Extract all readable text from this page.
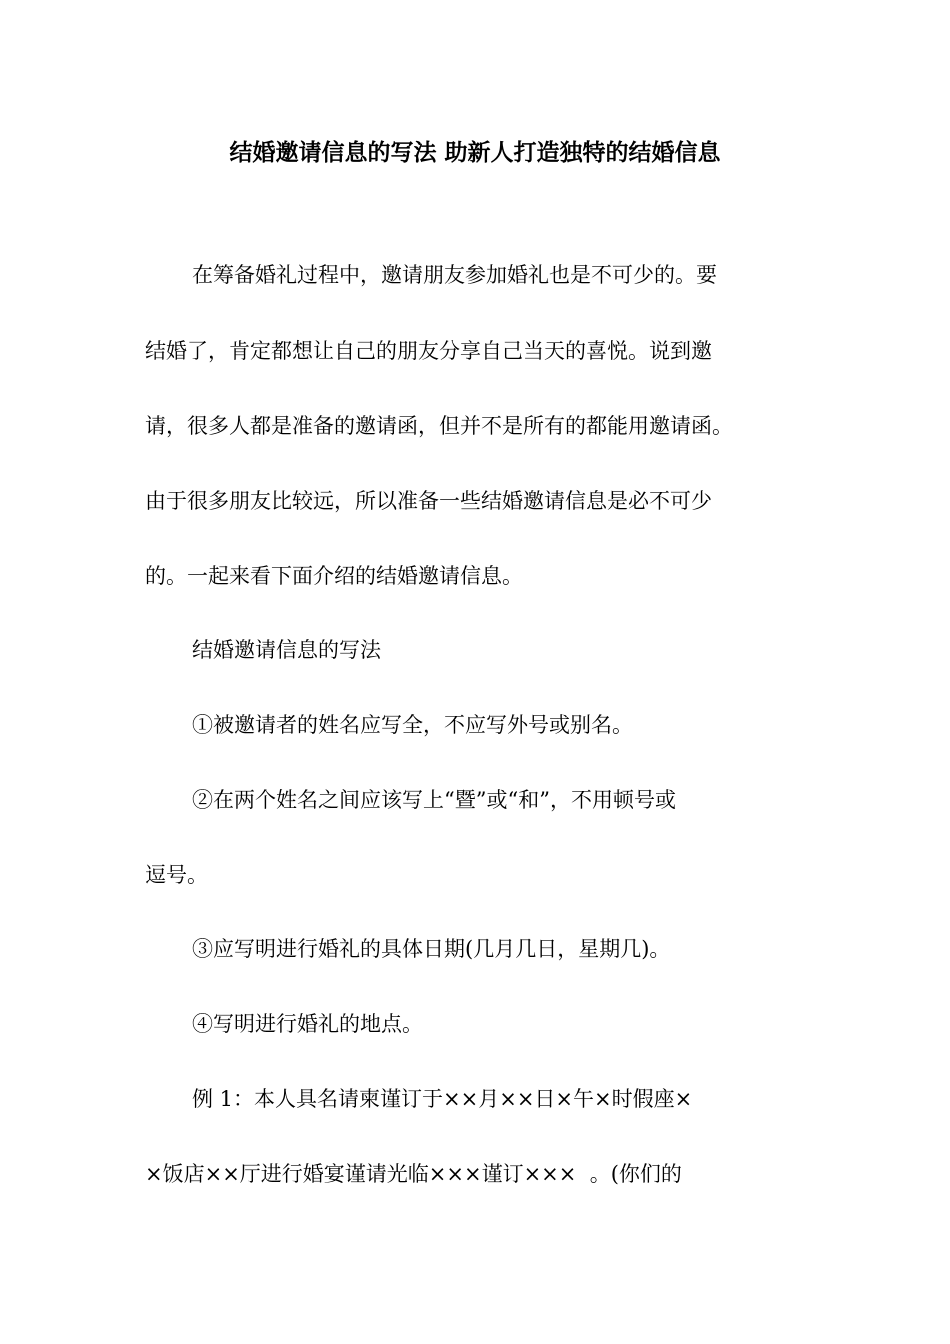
结婚邀请信息的写法 助新人打造独特的结婚信息
在筹备婚礼过程中，邀请朋友参加婚礼也是不可少的。要
结婚了，肯定都想让自己的朋友分享自己当天的喜悦。说到邀
请，很多人都是准备的邀请函，但并不是所有的都能用邀请函。
由于很多朋友比较远，所以准备一些结婚邀请信息是必不可少
的。一起来看下面介绍的结婚邀请信息。
结婚邀请信息的写法
①被邀请者的姓名应写全，不应写外号或别名。
②在两个姓名之间应该写上“暨”或“和”，不用顿号或
逗号。
③应写明进行婚礼的具体日期(几月几日，星期几)。
④写明进行婚礼的地点。
例 1：本人具名请柬谨订于××月××日×午×时假座×
×饭店××厅进行婚宴谨请光临×××谨订×××  。(你们的
